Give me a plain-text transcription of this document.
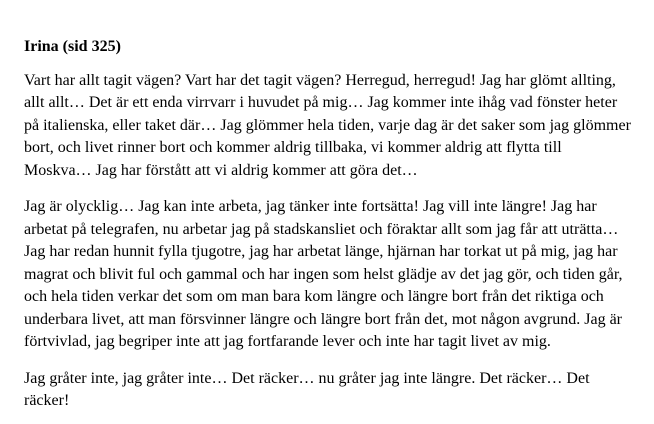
Irina (sid 325)

Vart har allt tagit vägen? Vart har det tagit vägen? Herregud, herregud! Jag har glömt allting, allt allt… Det är ett enda virrvarr i huvudet på mig… Jag kommer inte ihåg vad fönster heter på italienska, eller taket där… Jag glömmer hela tiden, varje dag är det saker som jag glömmer bort, och livet rinner bort och kommer aldrig tillbaka, vi kommer aldrig att flytta till Moskva… Jag har förstått att vi aldrig kommer att göra det…

Jag är olycklig… Jag kan inte arbeta, jag tänker inte fortsätta! Jag vill inte längre! Jag har arbetat på telegrafen, nu arbetar jag på stadskansliet och föraktar allt som jag får att uträtta… Jag har redan hunnit fylla tjugotre, jag har arbetat länge, hjärnan har torkat ut på mig, jag har magrat och blivit ful och gammal och har ingen som helst glädje av det jag gör, och tiden går, och hela tiden verkar det som om man bara kom längre och längre bort från det riktiga och underbara livet, att man försvinner längre och längre bort från det, mot någon avgrund. Jag är förtvivlad, jag begriper inte att jag fortfarande lever och inte har tagit livet av mig.

Jag gråter inte, jag gråter inte… Det räcker… nu gråter jag inte längre. Det räcker… Det räcker!
